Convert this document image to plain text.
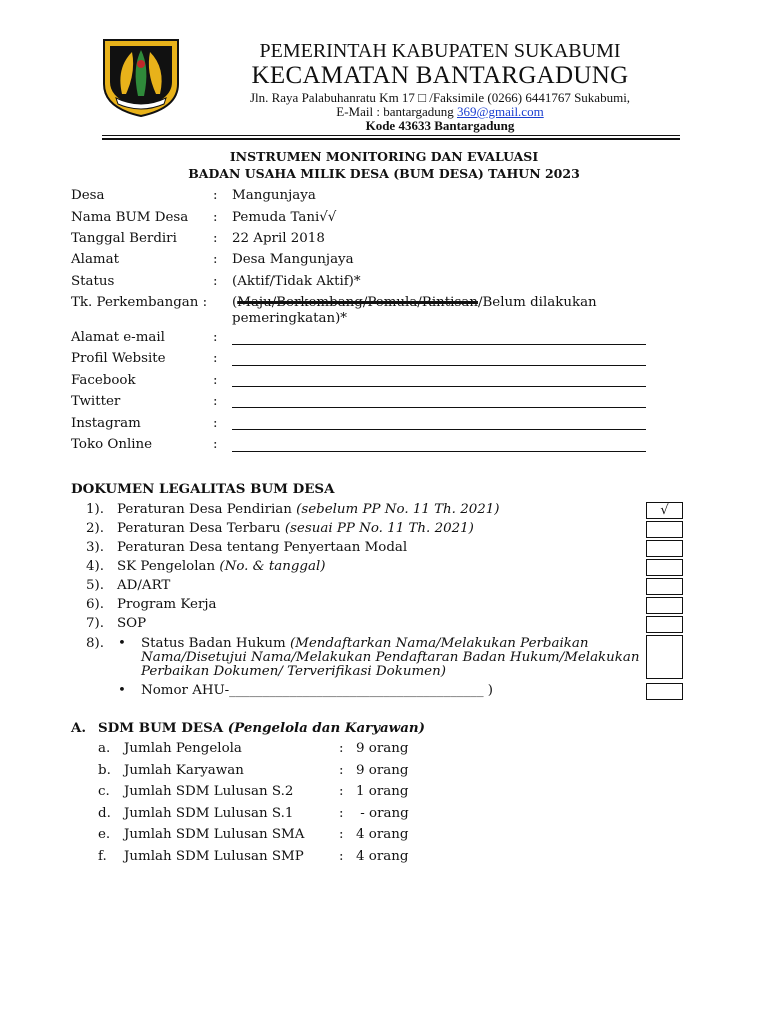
PEMERINTAH KABUPATEN SUKABUMI
KECAMATAN BANTARGADUNG
Jln. Raya Palabuhanratu Km 17 □ /Faksimile (0266) 6441767 Sukabumi,
E-Mail : bantargadung 369@gmail.com
Kode 43633 Bantargadung
INSTRUMEN MONITORING DAN EVALUASI
BADAN USAHA MILIK DESA (BUM DESA) TAHUN 2023
Desa	: Mangunjaya
Nama BUM Desa : Pemuda Tani√√
Tanggal Berdiri	: 22 April 2018
Alamat	: Desa Mangunjaya
Status	: (Aktif/Tidak Aktif)*
Tk. Perkembangan : (Maju/Berkembang/Pemula/Rintisan/Belum dilakukan
pemeringkatan)*
Alamat e-mail	:
Profil Website	:
Facebook	:
Twitter	:
Instagram	:
Toko Online	:
DOKUMEN LEGALITAS BUM DESA
1). Peraturan Desa Pendirian (sebelum PP No. 11 Th. 2021)	√
2). Peraturan Desa Terbaru (sesuai PP No. 11 Th. 2021)
3). Peraturan Desa tentang Penyertaan Modal
4). SK Pengelolan (No. & tanggal)
5). AD/ART
6). Program Kerja
7). SOP
8). • Status Badan Hukum (Mendaftarkan Nama/Melakukan Perbaikan Nama/Disetujui Nama/Melakukan Pendaftaran Badan Hukum/Melakukan Perbaikan Dokumen/ Terverifikasi Dokumen)
• Nomor AHU-______________________________________ )
A. SDM BUM DESA (Pengelola dan Karyawan)
a. Jumlah Pengelola	: 9 orang
b. Jumlah Karyawan	: 9 orang
c. Jumlah SDM Lulusan S.2	: 1 orang
d. Jumlah SDM Lulusan S.1	: - orang
e. Jumlah SDM Lulusan SMA	: 4 orang
f. Jumlah SDM Lulusan SMP	: 4 orang
